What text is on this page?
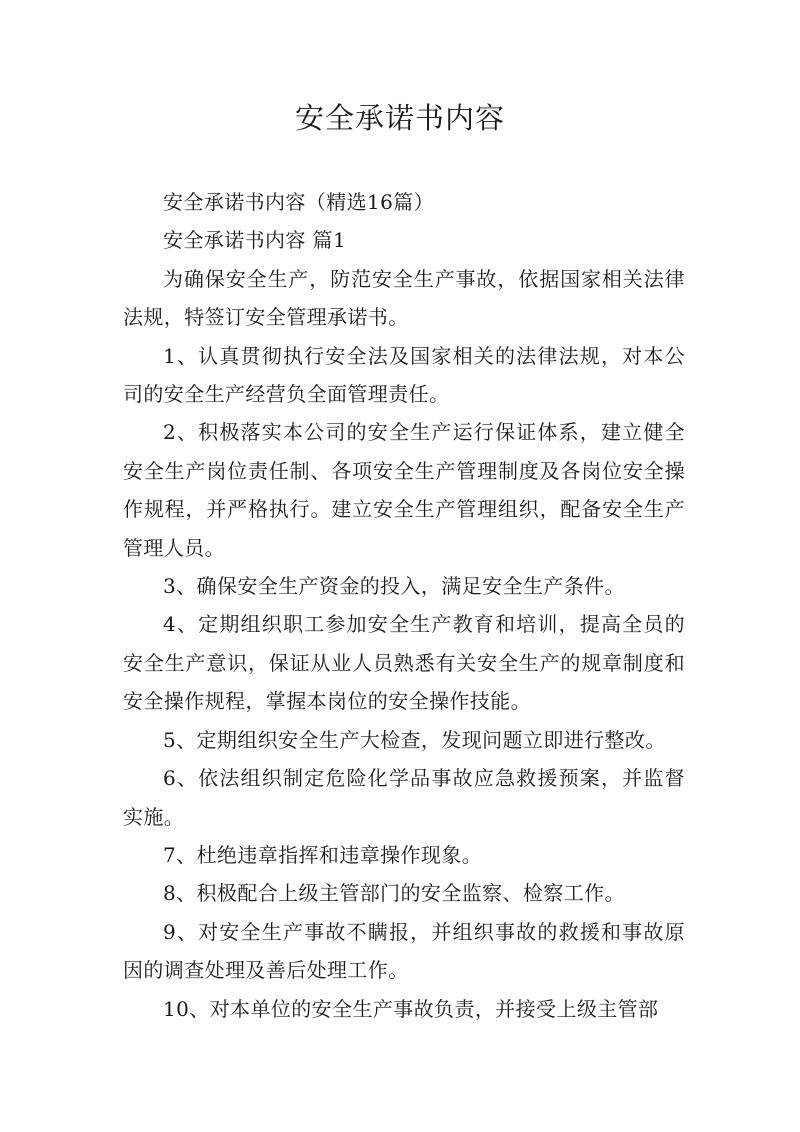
安全承诺书内容

安全承诺书内容（精选16篇）

安全承诺书内容 篇1

为确保安全生产，防范安全生产事故，依据国家相关法律法规，特签订安全管理承诺书。

1、认真贯彻执行安全法及国家相关的法律法规，对本公司的安全生产经营负全面管理责任。

2、积极落实本公司的安全生产运行保证体系，建立健全安全生产岗位责任制、各项安全生产管理制度及各岗位安全操作规程，并严格执行。建立安全生产管理组织，配备安全生产管理人员。

3、确保安全生产资金的投入，满足安全生产条件。

4、定期组织职工参加安全生产教育和培训，提高全员的安全生产意识，保证从业人员熟悉有关安全生产的规章制度和安全操作规程，掌握本岗位的安全操作技能。

5、定期组织安全生产大检查，发现问题立即进行整改。

6、依法组织制定危险化学品事故应急救援预案，并监督实施。

7、杜绝违章指挥和违章操作现象。

8、积极配合上级主管部门的安全监察、检察工作。

9、对安全生产事故不瞒报，并组织事故的救援和事故原因的调查处理及善后处理工作。

10、对本单位的安全生产事故负责，并接受上级主管部
